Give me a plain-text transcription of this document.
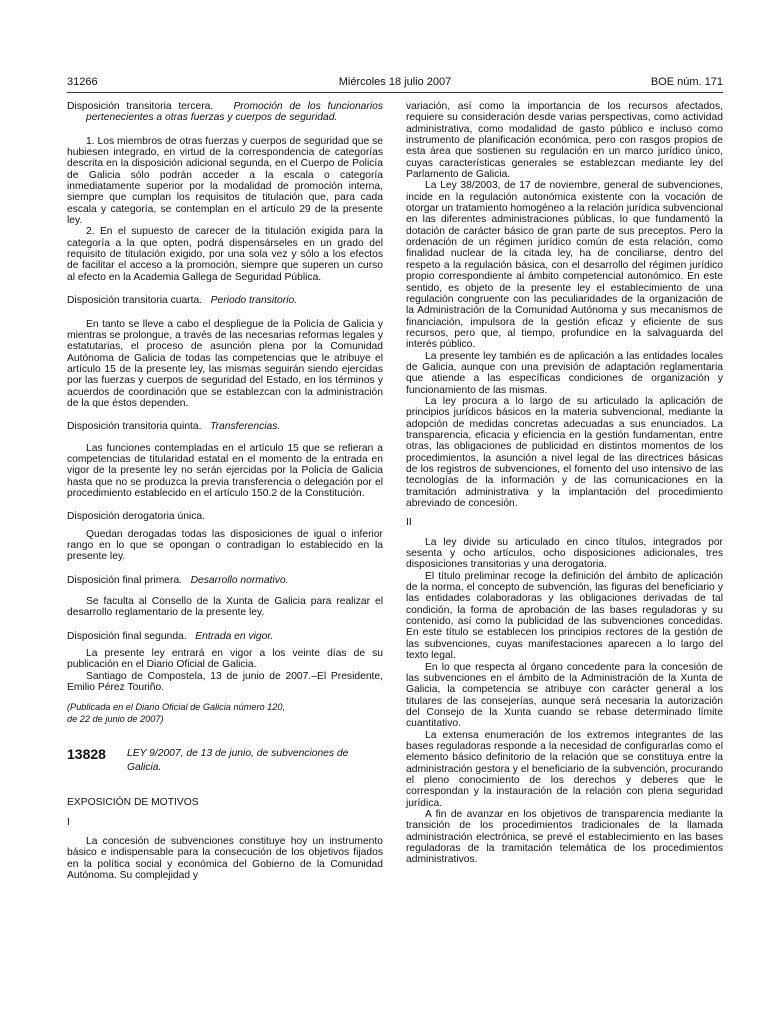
31266	Miércoles 18 julio 2007	BOE núm. 171

Disposición transitoria tercera. Promoción de los funcionarios pertenecientes a otras fuerzas y cuerpos de seguridad.

1. Los miembros de otras fuerzas y cuerpos de seguridad que se hubiesen integrado, en virtud de la correspondencia de categorías descrita en la disposición adicional segunda, en el Cuerpo de Policía de Galicia sólo podrán acceder a la escala o categoría inmediatamente superior por la modalidad de promoción interna, siempre que cumplan los requisitos de titulación que, para cada escala y categoría, se contemplan en el artículo 29 de la presente ley.

2. En el supuesto de carecer de la titulación exigida para la categoría a la que opten, podrá dispensárseles en un grado del requisito de titulación exigido, por una sola vez y sólo a los efectos de facilitar el acceso a la promoción, siempre que superen un curso al efecto en la Academia Gallega de Seguridad Pública.

Disposición transitoria cuarta. Periodo transitorio.

En tanto se lleve a cabo el despliegue de la Policía de Galicia y mientras se prolongue, a través de las necesarias reformas legales y estatutarias, el proceso de asunción plena por la Comunidad Autónoma de Galicia de todas las competencias que le atribuye el artículo 15 de la presente ley, las mismas seguirán siendo ejercidas por las fuerzas y cuerpos de seguridad del Estado, en los términos y acuerdos de coordinación que se establezcan con la administración de la que éstos dependen.

Disposición transitoria quinta. Transferencias.

Las funciones contempladas en el artículo 15 que se refieran a competencias de titularidad estatal en el momento de la entrada en vigor de la presente ley no serán ejercidas por la Policía de Galicia hasta que no se produzca la previa transferencia o delegación por el procedimiento establecido en el artículo 150.2 de la Constitución.

Disposición derogatoria única.

Quedan derogadas todas las disposiciones de igual o inferior rango en lo que se opongan o contradigan lo establecido en la presente ley.

Disposición final primera. Desarrollo normativo.

Se faculta al Consello de la Xunta de Galicia para realizar el desarrollo reglamentario de la presente ley.

Disposición final segunda. Entrada en vigor.

La presente ley entrará en vigor a los veinte días de su publicación en el Diario Oficial de Galicia.

Santiago de Compostela, 13 de junio de 2007.–El Presidente, Emilio Pérez Touriño.

(Publicada en el Diario Oficial de Galicia número 120,

de 22 de junio de 2007)

13828	LEY 9/2007, de 13 de junio, de subvenciones de Galicia.

EXPOSICIÓN DE MOTIVOS

I

La concesión de subvenciones constituye hoy un instrumento básico e indispensable para la consecución de los objetivos fijados en la política social y económica del Gobierno de la Comunidad Autónoma. Su complejidad y

variación, así como la importancia de los recursos afectados, requiere su consideración desde varias perspectivas, como actividad administrativa, como modalidad de gasto público e incluso como instrumento de planificación económica, pero con rasgos propios de esta área que sostienen su regulación en un marco jurídico único, cuyas características generales se establezcan mediante ley del Parlamento de Galicia.

La Ley 38/2003, de 17 de noviembre, general de subvenciones, incide en la regulación autonómica existente con la vocación de otorgar un tratamiento homogéneo a la relación jurídica subvencional en las diferentes administraciones públicas, lo que fundamentó la dotación de carácter básico de gran parte de sus preceptos. Pero la ordenación de un régimen jurídico común de esta relación, como finalidad nuclear de la citada ley, ha de conciliarse, dentro del respeto a la regulación básica, con el desarrollo del régimen jurídico propio correspondiente al ámbito competencial autonómico. En este sentido, es objeto de la presente ley el establecimiento de una regulación congruente con las peculiaridades de la organización de la Administración de la Comunidad Autónoma y sus mecanismos de financiación, impulsora de la gestión eficaz y eficiente de sus recursos, pero que, al tiempo, profundice en la salvaguarda del interés público.

La presente ley también es de aplicación a las entidades locales de Galicia, aunque con una previsión de adaptación reglamentaria que atiende a las específicas condiciones de organización y funcionamiento de las mismas.

La ley procura a lo largo de su articulado la aplicación de principios jurídicos básicos en la materia subvencional, mediante la adopción de medidas concretas adecuadas a sus enunciados. La transparencia, eficacia y eficiencia en la gestión fundamentan, entre otras, las obligaciones de publicidad en distintos momentos de los procedimientos, la asunción a nivel legal de las directrices básicas de los registros de subvenciones, el fomento del uso intensivo de las tecnologías de la información y de las comunicaciones en la tramitación administrativa y la implantación del procedimiento abreviado de concesión.

II

La ley divide su articulado en cinco títulos, integrados por sesenta y ocho artículos, ocho disposiciones adicionales, tres disposiciones transitorias y una derogatoria.

El título preliminar recoge la definición del ámbito de aplicación de la norma, el concepto de subvención, las figuras del beneficiario y las entidades colaboradoras y las obligaciones derivadas de tal condición, la forma de aprobación de las bases reguladoras y su contenido, así como la publicidad de las subvenciones concedidas. En este título se establecen los principios rectores de la gestión de las subvenciones, cuyas manifestaciones aparecen a lo largo del texto legal.

En lo que respecta al órgano concedente para la concesión de las subvenciones en el ámbito de la Administración de la Xunta de Galicia, la competencia se atribuye con carácter general a los titulares de las consejerías, aunque será necesaria la autorización del Consejo de la Xunta cuando se rebase determinado límite cuantitativo.

La extensa enumeración de los extremos integrantes de las bases reguladoras responde a la necesidad de configurarlas como el elemento básico definitorio de la relación que se constituya entre la administración gestora y el beneficiario de la subvención, procurando el pleno conocimiento de los derechos y deberes que le correspondan y la instauración de la relación con plena seguridad jurídica.

A fin de avanzar en los objetivos de transparencia mediante la transición de los procedimientos tradicionales de la llamada administración electrónica, se prevé el establecimiento en las bases reguladoras de la tramitación telemática de los procedimientos administrativos.
